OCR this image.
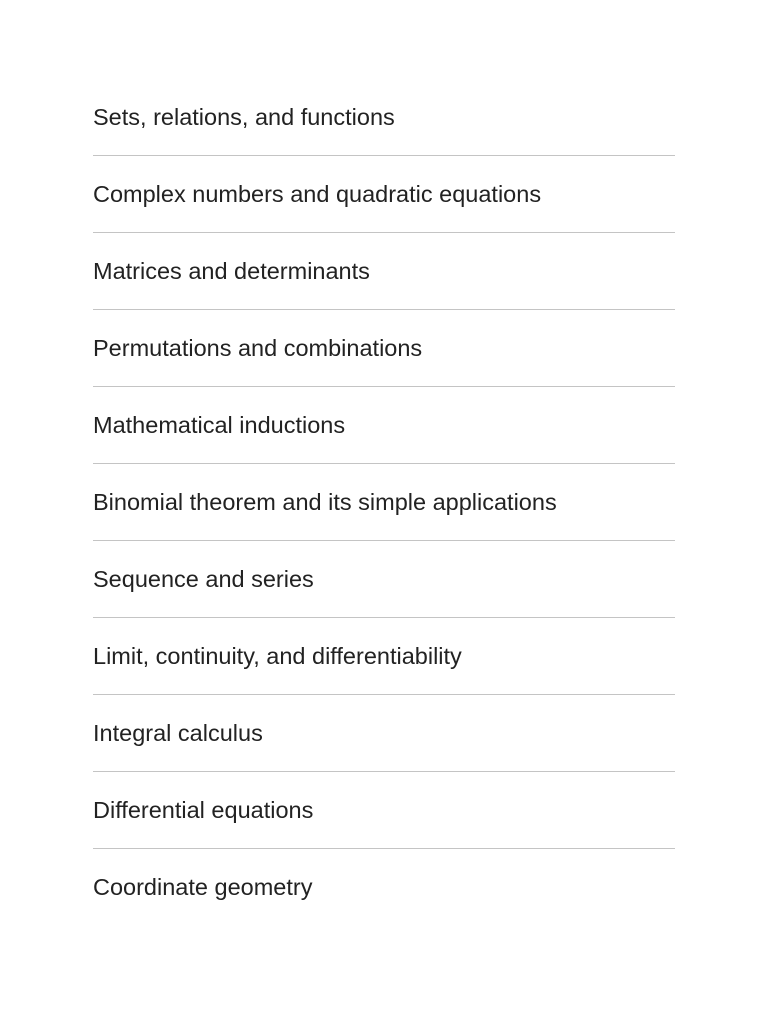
Sets, relations, and functions
Complex numbers and quadratic equations
Matrices and determinants
Permutations and combinations
Mathematical inductions
Binomial theorem and its simple applications
Sequence and series
Limit, continuity, and differentiability
Integral calculus
Differential equations
Coordinate geometry
